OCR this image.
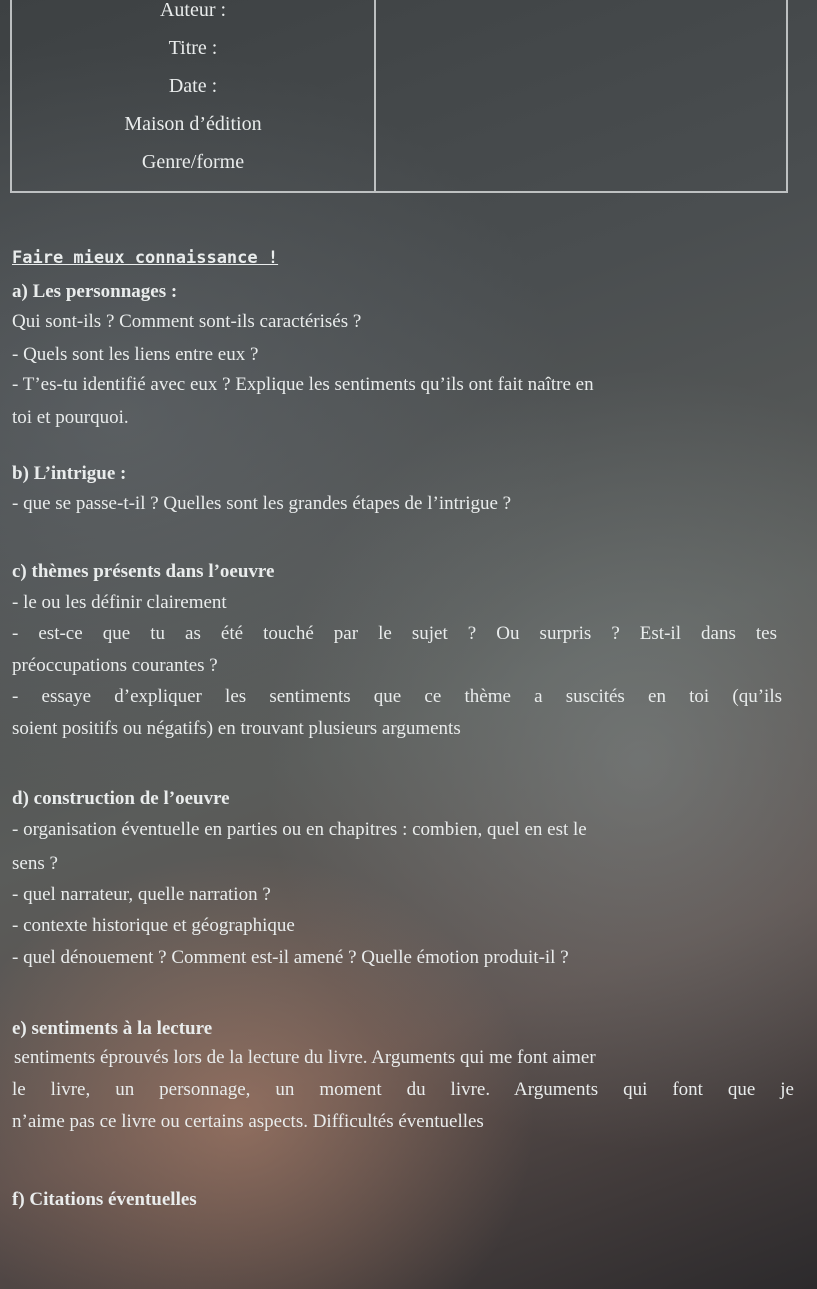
Auteur :
Titre :
Date :
Maison d’édition
Genre/forme
Faire mieux connaissance !
a) Les personnages :
Qui sont-ils ? Comment sont-ils caractérisés ?
- Quels sont les liens entre eux ?
- T’es-tu identifié avec eux ? Explique les sentiments qu’ils ont fait naître en
toi et pourquoi.
b) L’intrigue :
- que se passe-t-il ? Quelles sont les grandes étapes de l’intrigue ?
c) thèmes présents dans l’oeuvre
- le ou les définir clairement
- est-ce que tu as été touché par le sujet ? Ou surpris ? Est-il dans tes
préoccupations courantes ?
- essaye d’expliquer les sentiments que ce thème a suscités en toi (qu’ils
soient positifs ou négatifs) en trouvant plusieurs arguments
d) construction de l’oeuvre
- organisation éventuelle en parties ou en chapitres : combien, quel en est le
sens ?
- quel narrateur, quelle narration ?
- contexte historique et géographique
- quel dénouement ? Comment est-il amené ? Quelle émotion produit-il ?
e) sentiments à la lecture
sentiments éprouvés lors de la lecture du livre. Arguments qui me font aimer
le livre, un personnage, un moment du livre. Arguments qui font que je
n’aime pas ce livre ou certains aspects. Difficultés éventuelles
f) Citations éventuelles
